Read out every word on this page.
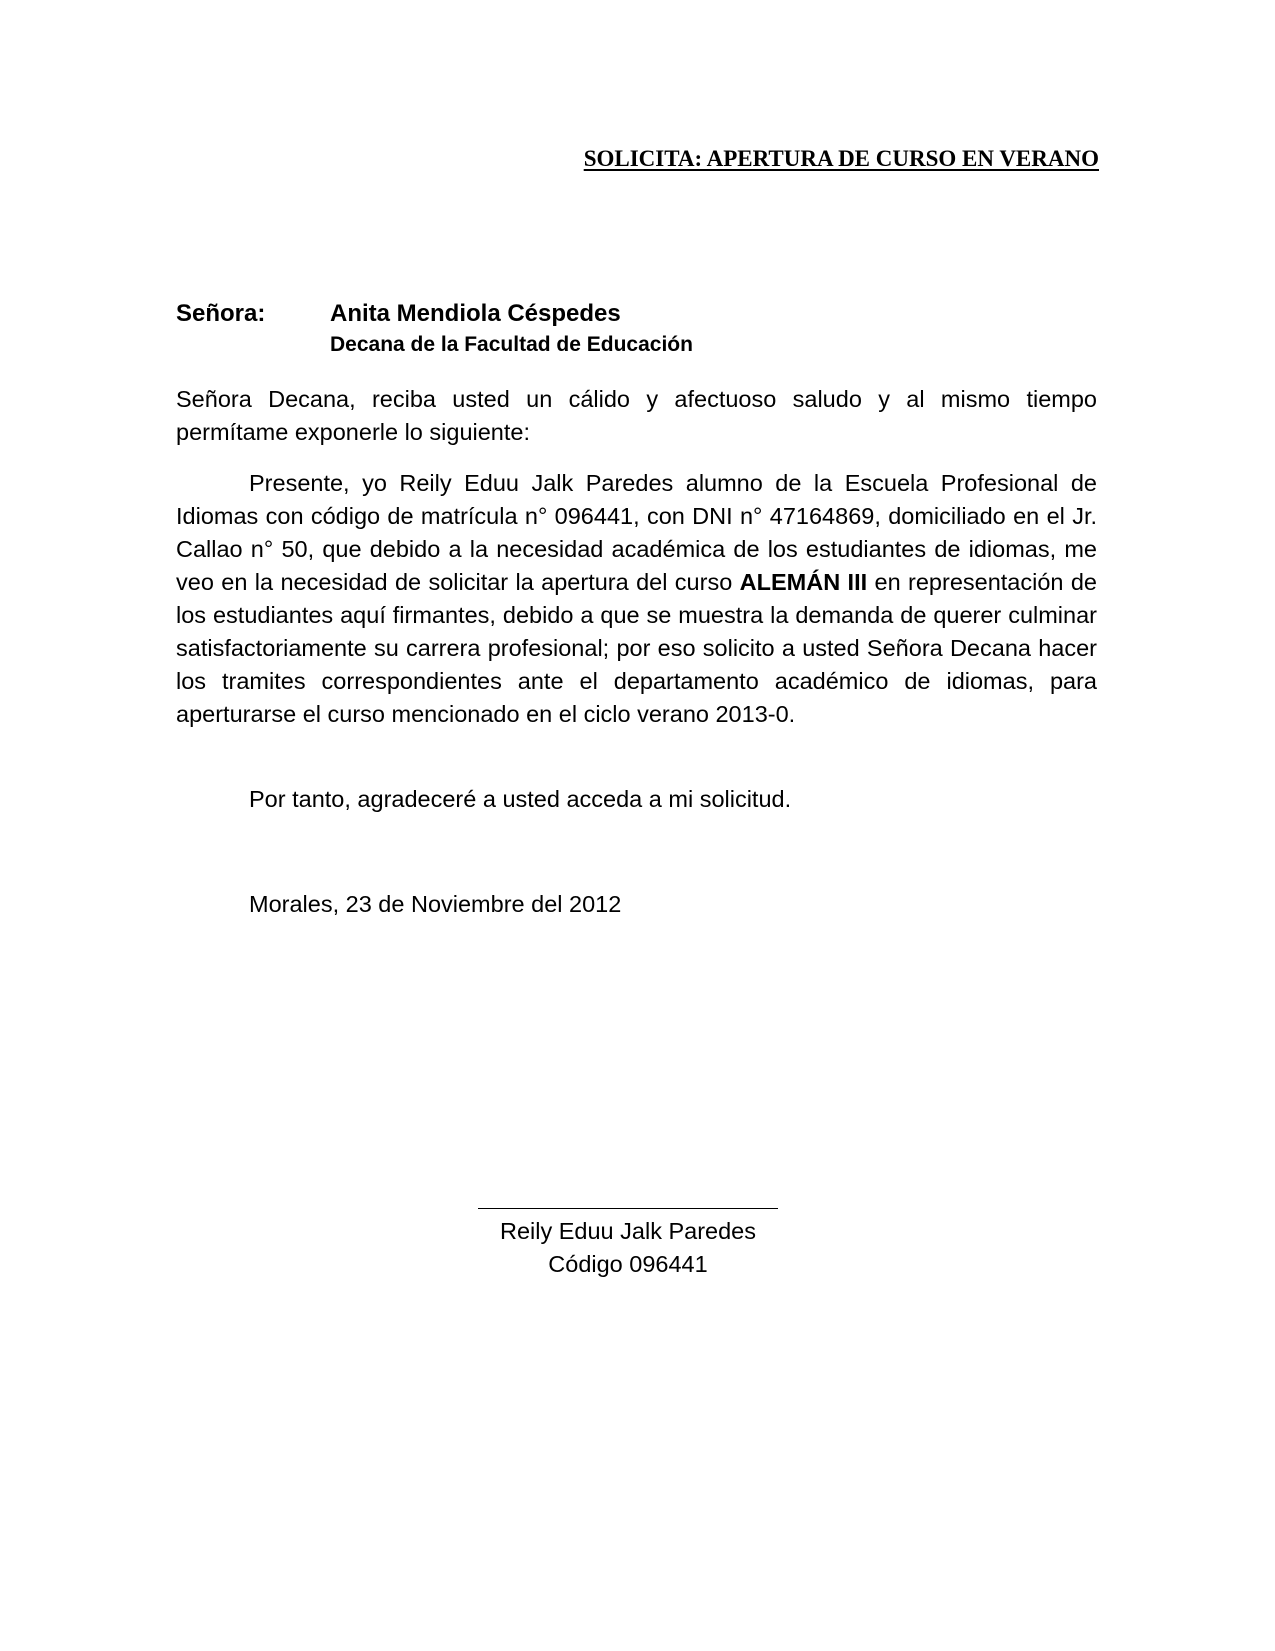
SOLICITA: APERTURA DE CURSO EN VERANO
Señora:	Anita Mendiola Céspedes
Decana de la Facultad de Educación

Señora Decana, reciba usted un cálido y afectuoso saludo y al mismo tiempo permítame exponerle lo siguiente:

Presente, yo Reily Eduu Jalk Paredes alumno de la Escuela Profesional de Idiomas con código de matrícula n° 096441, con DNI n° 47164869, domiciliado en el Jr. Callao n° 50, que debido a la necesidad académica de los estudiantes de idiomas, me veo en la necesidad de solicitar la apertura del curso ALEMÁN III en representación de los estudiantes aquí firmantes, debido a que se muestra la demanda de querer culminar satisfactoriamente su carrera profesional; por eso solicito a usted Señora Decana hacer los tramites correspondientes ante el departamento académico de idiomas, para aperturarse el curso mencionado en el ciclo verano 2013-0.

Por tanto, agradeceré a usted acceda a mi solicitud.

Morales, 23 de Noviembre del 2012

Reily Eduu Jalk Paredes
Código 096441
